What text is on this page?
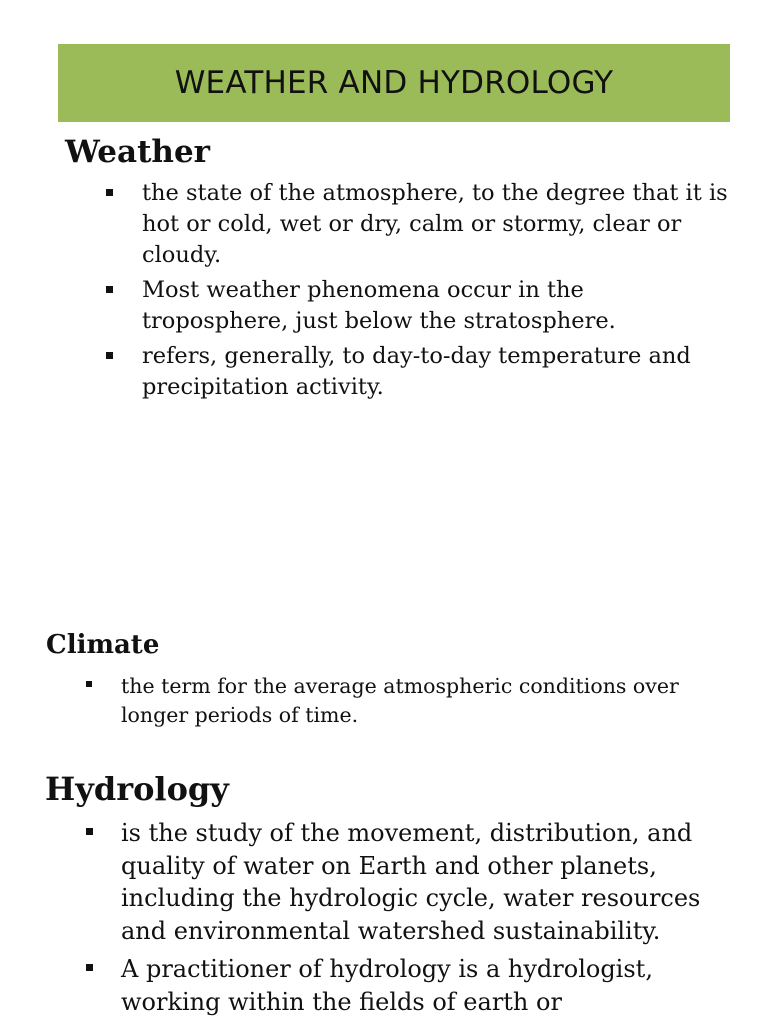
WEATHER AND HYDROLOGY
Weather
the state of the atmosphere, to the degree that it is hot or cold, wet or dry, calm or stormy, clear or cloudy.
Most weather phenomena occur in the troposphere, just below the stratosphere.
refers, generally, to day-to-day temperature and precipitation activity.
Climate
the term for the average atmospheric conditions over longer periods of time.
Hydrology
is the study of the movement, distribution, and quality of water on Earth and other planets, including the hydrologic cycle, water resources and environmental watershed sustainability.
A practitioner of hydrology is a hydrologist, working within the fields of earth or
